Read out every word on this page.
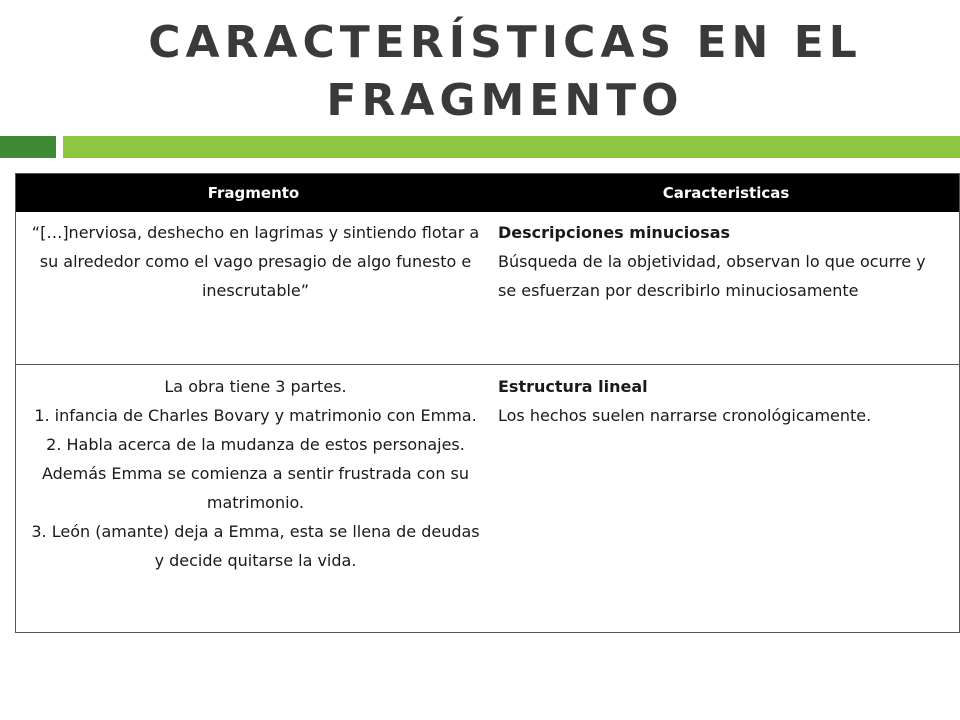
CARACTERÍSTICAS EN EL
FRAGMENTO
Fragmento	Caracteristicas
“[…]nerviosa, deshecho en lagrimas y sintiendo flotar a su alrededor como el vago presagio de algo funesto e inescrutable”
Descripciones minuciosas
Búsqueda de la objetividad, observan lo que ocurre y se esfuerzan por describirlo minuciosamente
La obra tiene 3 partes.
1. infancia de Charles Bovary y matrimonio con Emma.
2. Habla acerca de la mudanza de estos personajes. Además Emma se comienza a sentir frustrada con su matrimonio.
3. León (amante) deja a Emma, esta se llena de deudas y decide quitarse la vida.
Estructura lineal
Los hechos suelen narrarse cronológicamente.
